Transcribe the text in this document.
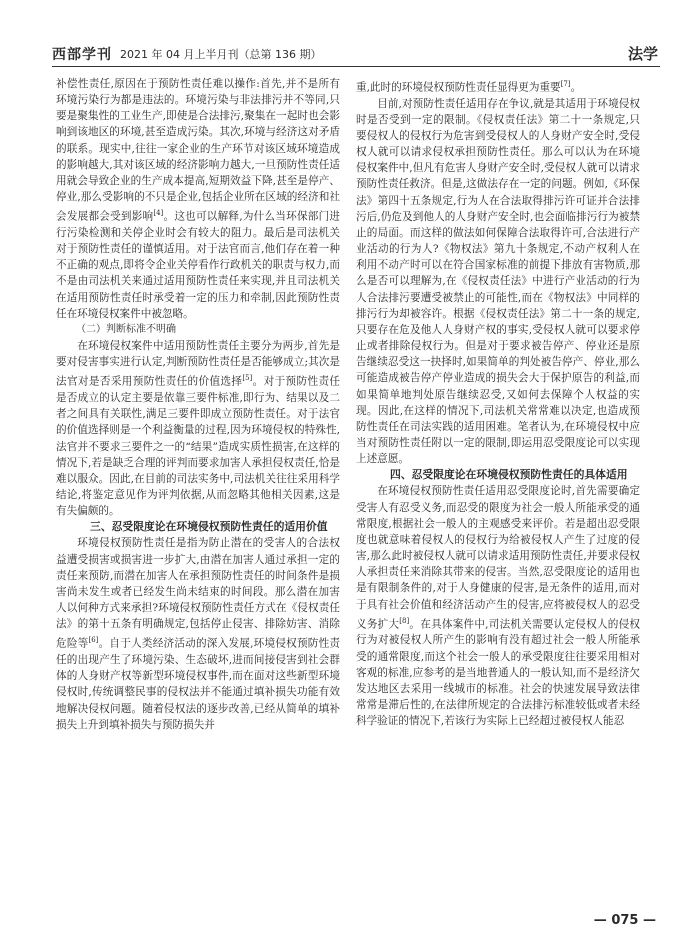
西部学刊 2021 年 04 月上半月刊（总第 136 期）	法学

补偿性责任,原因在于预防性责任难以操作:首先,并不是所有环境污染行为都是违法的。环境污染与非法排污并不等同,只要是聚集性的工业生产,即使是合法排污,聚集在一起时也会影响到该地区的环境,甚至造成污染。其次,环境与经济这对矛盾的联系。现实中,往往一家企业的生产环节对该区域环境造成的影响越大,其对该区域的经济影响力越大,一旦预防性责任适用就会导致企业的生产成本提高,短期效益下降,甚至是停产、停业,那么受影响的不只是企业,包括企业所在区域的经济和社会发展都会受到影响[4]。这也可以解释,为什么当环保部门进行污染检测和关停企业时会有较大的阻力。最后是司法机关对于预防性责任的谨慎适用。对于法官而言,他们存在着一种不正确的观点,即将令企业关停看作行政机关的职责与权力,而不是由司法机关来通过适用预防性责任来实现,并且司法机关在适用预防性责任时承受着一定的压力和牵制,因此预防性责任在环境侵权案件中被忽略。

（二）判断标准不明确

在环境侵权案件中适用预防性责任主要分为两步,首先是要对侵害事实进行认定,判断预防性责任是否能够成立;其次是法官对是否采用预防性责任的价值选择[5]。对于预防性责任是否成立的认定主要是依靠三要件标准,即行为、结果以及二者之间具有关联性,满足三要件即成立预防性责任。对于法官的价值选择则是一个利益衡量的过程,因为环境侵权的特殊性,法官并不要求三要件之一的“结果”造成实质性损害,在这样的情况下,若是缺乏合理的评判而要求加害人承担侵权责任,恰是难以服众。因此,在目前的司法实务中,司法机关往往采用科学结论,将鉴定意见作为评判依据,从而忽略其他相关因素,这是有失偏颇的。

三、忍受限度论在环境侵权预防性责任的适用价值

环境侵权预防性责任是指为防止潜在的受害人的合法权益遭受损害或损害进一步扩大,由潜在加害人通过承担一定的责任来预防,而潜在加害人在承担预防性责任的时间条件是损害尚未发生或者已经发生尚未结束的时间段。那么潜在加害人以何种方式来承担?环境侵权预防性责任方式在《侵权责任法》的第十五条有明确规定,包括停止侵害、排除妨害、消除危险等[6]。自于人类经济活动的深入发展,环境侵权预防性责任的出现产生了环境污染、生态破坏,进而间接侵害到社会群体的人身财产权等新型环境侵权事件,而在面对这些新型环境侵权时,传统调整民事的侵权法并不能通过填补损失功能有效地解决侵权问题。随着侵权法的逐步改善,已经从简单的填补损失上升到填补损失与预防损失并

重,此时的环境侵权预防性责任显得更为重要[7]。

目前,对预防性责任适用存在争议,就是其适用于环境侵权时是否受到一定的限制。《侵权责任法》第二十一条规定,只要侵权人的侵权行为危害到受侵权人的人身财产安全时,受侵权人就可以请求侵权承担预防性责任。那么可以认为在环境侵权案件中,但凡有危害人身财产安全时,受侵权人就可以请求预防性责任救济。但是,这做法存在一定的问题。例如,《环保法》第四十五条规定,行为人在合法取得排污许可证并合法排污后,仍危及到他人的人身财产安全时,也会面临排污行为被禁止的局面。而这样的做法如何保障合法取得许可,合法进行产业活动的行为人?《物权法》第九十条规定,不动产权利人在利用不动产时可以在符合国家标准的前提下排放有害物质,那么是否可以理解为,在《侵权责任法》中进行产业活动的行为人合法排污要遭受被禁止的可能性,而在《物权法》中同样的排污行为却被容许。根据《侵权责任法》第二十一条的规定,只要存在危及他人人身财产权的事实,受侵权人就可以要求停止或者排除侵权行为。但是对于要求被告停产、停业还是原告继续忍受这一抉择时,如果简单的判处被告停产、停业,那么可能造成被告停产停业造成的损失会大于保护原告的利益,而如果简单地判处原告继续忍受,又如何去保障个人权益的实现。因此,在这样的情况下,司法机关常常难以决定,也造成预防性责任在司法实践的适用困难。笔者认为,在环境侵权中应当对预防性责任附以一定的限制,即运用忍受限度论可以实现上述意愿。

四、忍受限度论在环境侵权预防性责任的具体适用

在环境侵权预防性责任适用忍受限度论时,首先需要确定受害人有忍受义务,而忍受的限度为社会一般人所能承受的通常限度,根据社会一般人的主观感受来评价。若是超出忍受限度也就意味着侵权人的侵权行为给被侵权人产生了过度的侵害,那么此时被侵权人就可以请求适用预防性责任,并要求侵权人承担责任来消除其带来的侵害。当然,忍受限度论的适用也是有限制条件的,对于人身健康的侵害,是无条件的适用,而对于具有社会价值和经济活动产生的侵害,应将被侵权人的忍受义务扩大[8]。在具体案件中,司法机关需要认定侵权人的侵权行为对被侵权人所产生的影响有没有超过社会一般人所能承受的通常限度,而这个社会一般人的承受限度往往要采用相对客观的标准,应参考的是当地普通人的一般认知,而不是经济欠发达地区去采用一线城市的标准。社会的快速发展导致法律常常是滞后性的,在法律所规定的合法排污标准较低或者未经科学验证的情况下,若该行为实际上已经超过被侵权人能忍

— 075 —
